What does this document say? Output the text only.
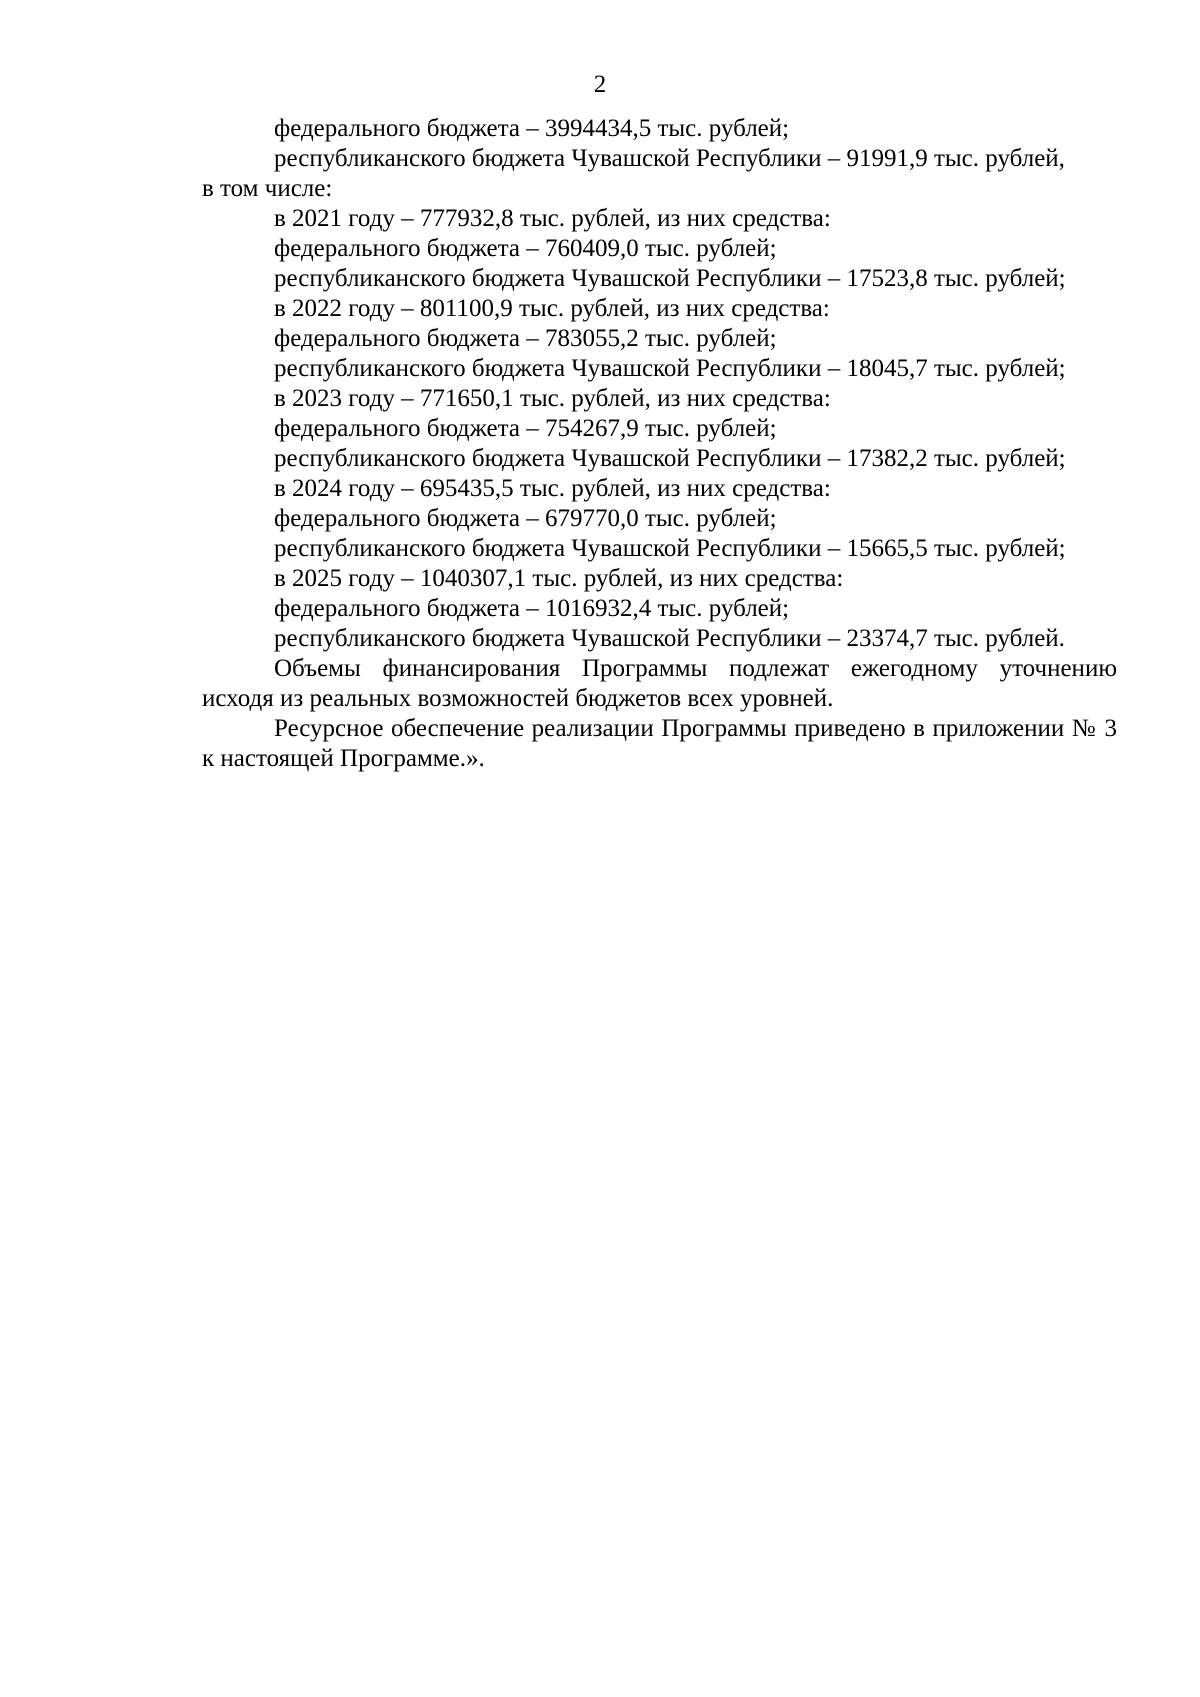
2
федерального бюджета – 3994434,5 тыс. рублей;
республиканского бюджета Чувашской Республики – 91991,9 тыс. рублей,
в том числе:
в 2021 году – 777932,8 тыс. рублей, из них средства:
федерального бюджета – 760409,0 тыс. рублей;
республиканского бюджета Чувашской Республики – 17523,8 тыс. рублей;
в 2022 году – 801100,9 тыс. рублей, из них средства:
федерального бюджета – 783055,2 тыс. рублей;
республиканского бюджета Чувашской Республики – 18045,7 тыс. рублей;
в 2023 году – 771650,1 тыс. рублей, из них средства:
федерального бюджета – 754267,9 тыс. рублей;
республиканского бюджета Чувашской Республики – 17382,2 тыс. рублей;
в 2024 году – 695435,5 тыс. рублей, из них средства:
федерального бюджета – 679770,0 тыс. рублей;
республиканского бюджета Чувашской Республики – 15665,5 тыс. рублей;
в 2025 году – 1040307,1 тыс. рублей, из них средства:
федерального бюджета – 1016932,4 тыс. рублей;
республиканского бюджета Чувашской Республики – 23374,7 тыс. рублей.

Объемы финансирования Программы подлежат ежегодному уточнению исходя из реальных возможностей бюджетов всех уровней.

Ресурсное обеспечение реализации Программы приведено в приложении № 3 к настоящей Программе.».
